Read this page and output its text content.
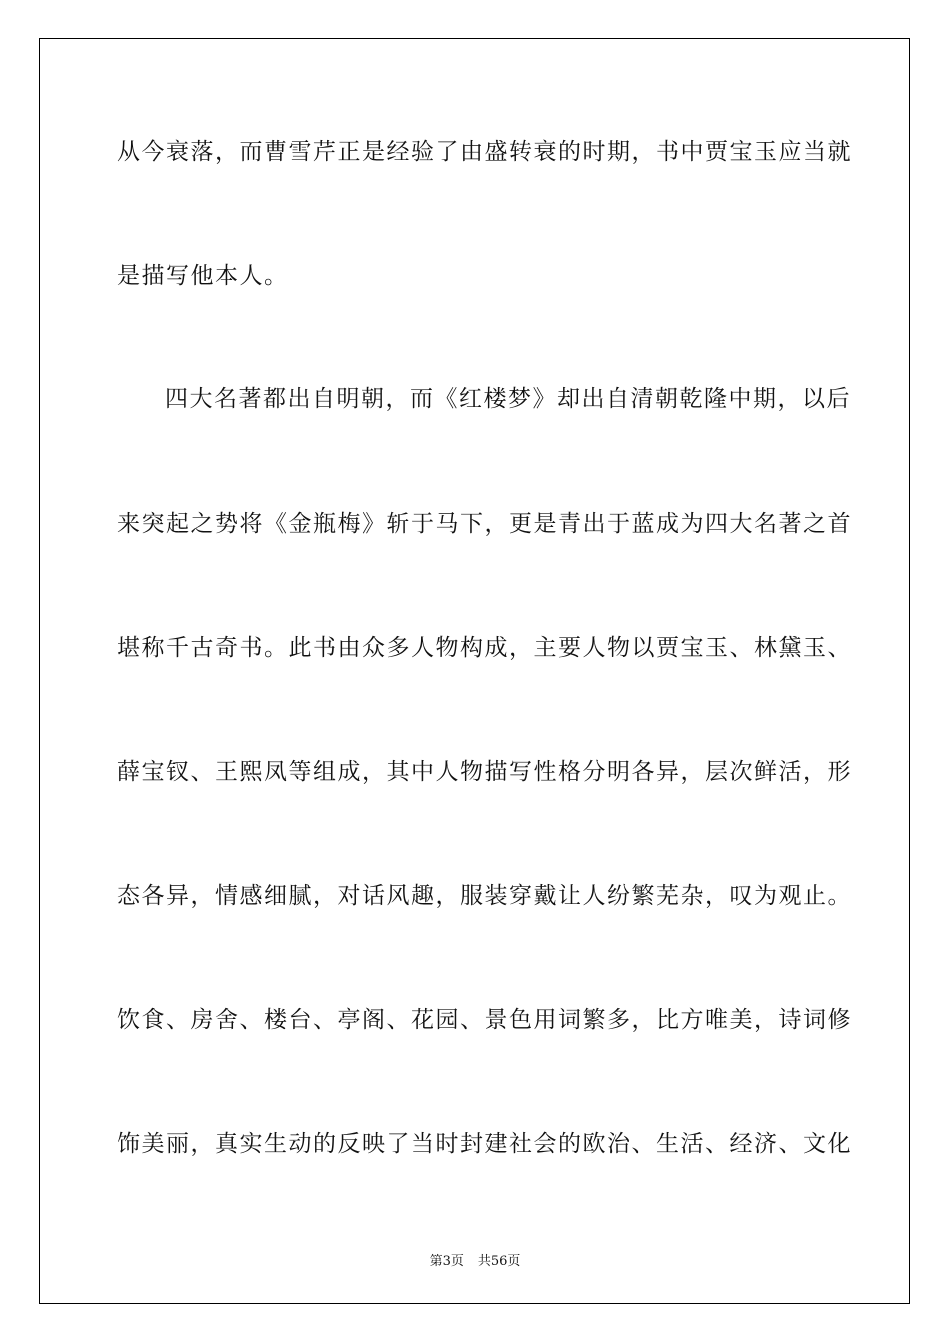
从今衰落，而曹雪芹正是经验了由盛转衰的时期，书中贾宝玉应当就
是描写他本人。
四大名著都出自明朝，而《红楼梦》却出自清朝乾隆中期，以后
来突起之势将《金瓶梅》斩于马下，更是青出于蓝成为四大名著之首
堪称千古奇书。此书由众多人物构成，主要人物以贾宝玉、林黛玉、
薛宝钗、王熙凤等组成，其中人物描写性格分明各异，层次鲜活，形
态各异，情感细腻，对话风趣，服装穿戴让人纷繁芜杂，叹为观止。
饮食、房舍、楼台、亭阁、花园、景色用词繁多，比方唯美，诗词修
饰美丽，真实生动的反映了当时封建社会的欧治、生活、经济、文化
第3页 共56页
